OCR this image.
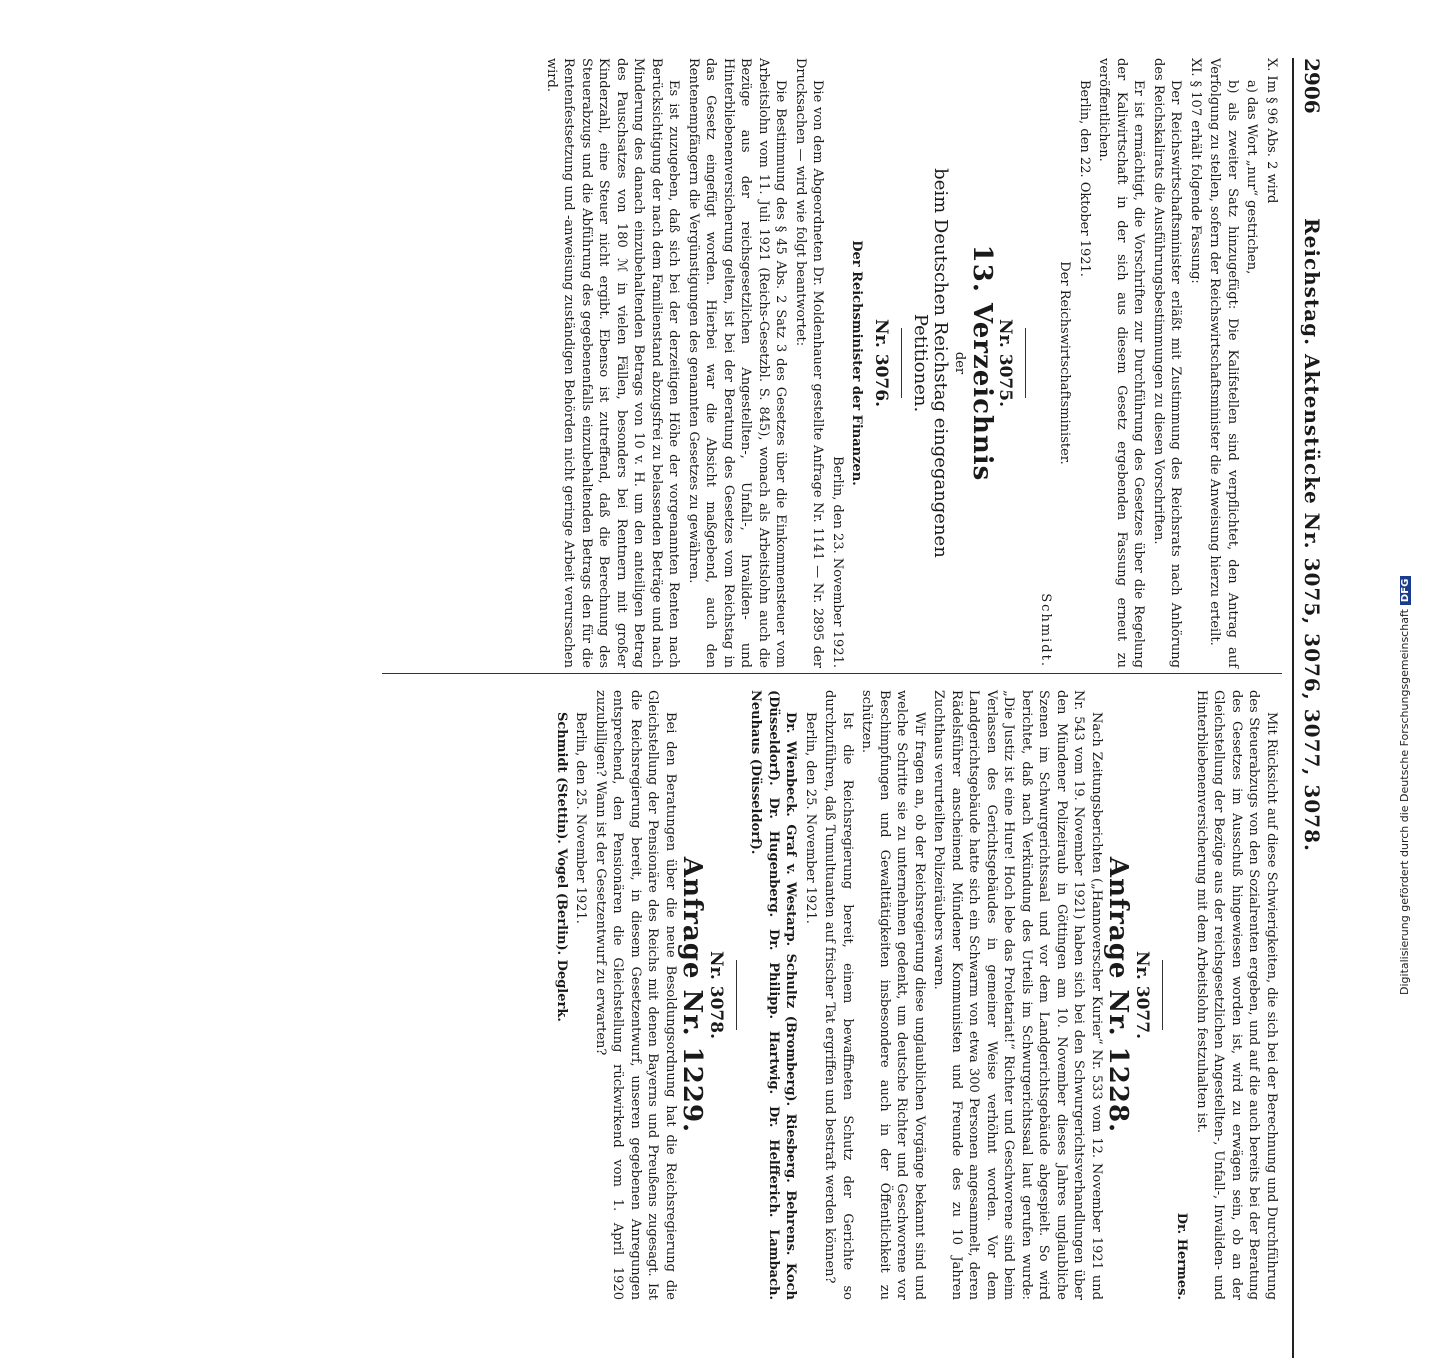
2906
Reichstag. Aktenstücke Nr. 3075, 3076, 3077, 3078.

X. Im § 96 Abs. 2 wird

a) das Wort „nur“ gestrichen,

b) als zweiter Satz hinzugefügt: Die Kalifstellen sind verpflichtet, den Antrag auf Verfolgung zu stellen, sofern der Reichswirtschaftsminister die Anweisung hierzu erteilt.

XI. § 107 erhält folgende Fassung:

Der Reichswirtschaftsminister erläßt mit Zustimmung des Reichsrats nach Anhörung des Reichskalirats die Ausführungsbestimmungen zu diesen Vorschriften.

Er ist ermächtigt, die Vorschriften zur Durchführung des Gesetzes über die Regelung der Kaliwirtschaft in der sich aus diesem Gesetz ergebenden Fassung erneut zu veröffentlichen.

Berlin, den 22. Oktober 1921.

Der Reichswirtschaftsminister.

Schmidt.

Nr. 3075.

13. Verzeichnis

der

beim Deutschen Reichstag eingegangenen

Petitionen.

Nr. 3076.

Der Reichsminister der Finanzen.

Berlin, den 23. November 1921.

Die von dem Abgeordneten Dr. Moldenhauer gestellte Anfrage Nr. 1141 — Nr. 2895 der Drucksachen — wird wie folgt beantwortet:

Die Bestimmung des § 45 Abs. 2 Satz 3 des Gesetzes über die Einkommensteuer vom Arbeitslohn vom 11. Juli 1921 (Reichs-Gesetzbl. S. 845), wonach als Arbeitslohn auch die Bezüge aus der reichsgesetzlichen Angestellten-, Unfall-, Invaliden- und Hinterbliebenenversicherung gelten, ist bei der Beratung des Gesetzes vom Reichstag in das Gesetz eingefügt worden. Hierbei war die Absicht maßgebend, auch den Rentenempfängern die Vergünstigungen des genannten Gesetzes zu gewähren.

Es ist zuzugeben, daß sich bei der derzeitigen Höhe der vorgenannten Renten nach Berücksichtigung der nach dem Familienstand abzugsfrei zu belassenden Beträge und nach Minderung des danach einzubehaltenden Betrags von 10 v. H. um den anteiligen Betrag des Pauschsatzes von 180 ℳ in vielen Fällen, besonders bei Rentnern mit großer Kinderzahl, eine Steuer nicht ergibt. Ebenso ist zutreffend, daß die Berechnung des Steuerabzugs und die Abführung des gegebenenfalls einzubehaltenden Betrags den für die Rentenfestsetzung und -anweisung zuständigen Behörden nicht geringe Arbeit verursachen wird.

Mit Rücksicht auf diese Schwierigkeiten, die sich bei der Berechnung und Durchführung des Steuerabzugs von den Sozialrenten ergeben, und auf die auch bereits bei der Beratung des Gesetzes im Ausschuß hingewiesen worden ist, wird zu erwägen sein, ob an der Gleichstellung der Bezüge aus der reichsgesetzlichen Angestellten-, Unfall-, Invaliden- und Hinterbliebenenversicherung mit dem Arbeitslohn festzuhalten ist.

Dr. Hermes.

Nr. 3077.

Anfrage Nr. 1228.

Nach Zeitungsberichten („Hannoverscher Kurier“ Nr. 533 vom 12. November 1921 und Nr. 543 vom 19. November 1921) haben sich bei den Schwurgerichtsverhandlungen über den Mündener Polizeiraub in Göttingen am 10. November dieses Jahres unglaubliche Szenen im Schwurgerichtssaal und vor dem Landgerichtsgebäude abgespielt. So wird berichtet, daß nach Verkündung des Urteils im Schwurgerichtssaal laut gerufen wurde: „Die Justiz ist eine Hure! Hoch lebe das Proletariat!“ Richter und Geschworene sind beim Verlassen des Gerichtsgebäudes in gemeiner Weise verhöhnt worden. Vor dem Landgerichtsgebäude hatte sich ein Schwarm von etwa 300 Personen angesammelt, deren Rädelsführer anscheinend Mündener Kommunisten und Freunde des zu 10 Jahren Zuchthaus verurteilten Polizeiräubers waren.

Wir fragen an, ob der Reichsregierung diese unglaublichen Vorgänge bekannt sind und welche Schritte sie zu unternehmen gedenkt, um deutsche Richter und Geschworene vor Beschimpfungen und Gewalttätigkeiten insbesondere auch in der Öffentlichkeit zu schützen.

Ist die Reichsregierung bereit, einem bewaffneten Schutz der Gerichte so durchzuführen, daß Tumultuanten auf frischer Tat ergriffen und bestraft werden können?

Berlin, den 25. November 1921.

Dr. Wienbeck. Graf v. Westarp. Schultz (Bromberg). Riesberg. Behrens. Koch (Düsseldorf). Dr. Hugenberg. Dr. Philipp. Hartwig. Dr. Helfferich. Lambach. Neuhaus (Düsseldorf).

Nr. 3078.

Anfrage Nr. 1229.

Bei den Beratungen über die neue Besoldungsordnung hat die Reichsregierung die Gleichstellung der Pensionäre des Reichs mit denen Bayerns und Preußens zugesagt. Ist die Reichsregierung bereit, in diesem Gesetzentwurf, unseren gegebenen Anregungen entsprechend, den Pensionären die Gleichstellung rückwirkend vom 1. April 1920 zuzubilligen? Wann ist der Gesetzentwurf zu erwarten?

Berlin, den 25. November 1921.

Schmidt (Stettin). Vogel (Berlin). Deglerk.	Digitalisierung gefördert durch die Deutsche ForschungsgemeinschaftDFG
